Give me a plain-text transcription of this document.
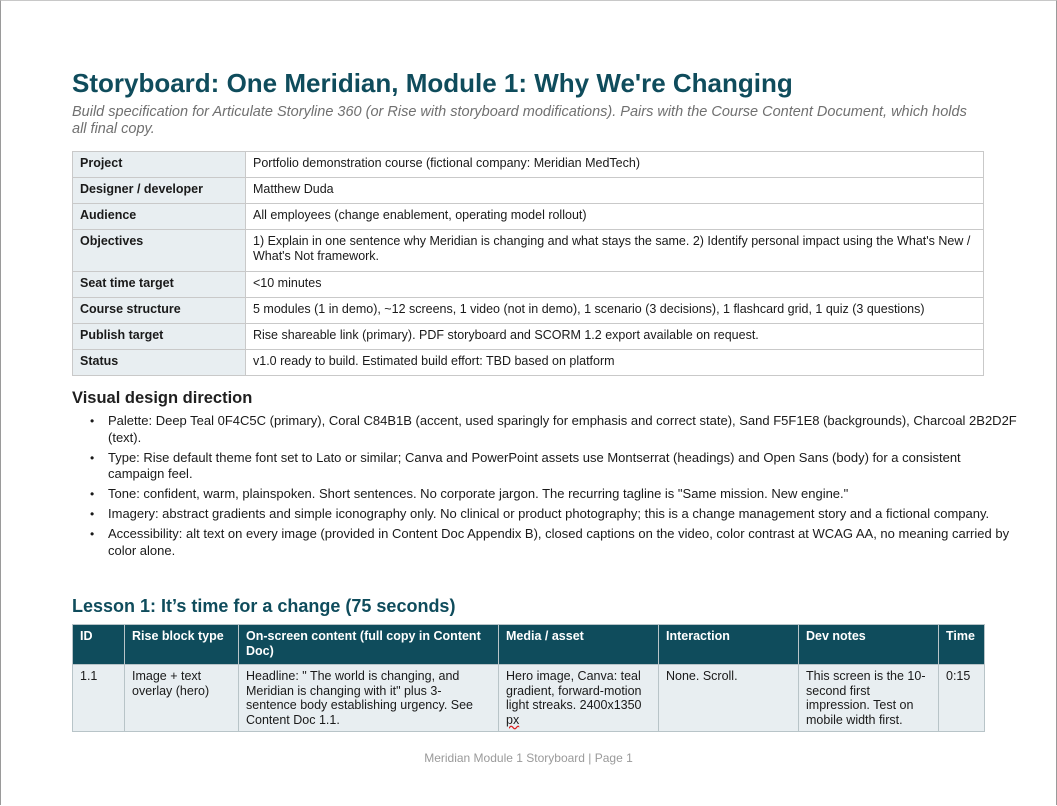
Storyboard: One Meridian, Module 1: Why We're Changing
Build specification for Articulate Storyline 360 (or Rise with storyboard modifications). Pairs with the Course Content Document, which holds all final copy.
Project	Portfolio demonstration course (fictional company: Meridian MedTech)
Designer / developer	Matthew Duda
Audience	All employees (change enablement, operating model rollout)
Objectives	1) Explain in one sentence why Meridian is changing and what stays the same. 2) Identify personal impact using the What's New / What's Not framework.
Seat time target	<10 minutes
Course structure	5 modules (1 in demo), ~12 screens, 1 video (not in demo), 1 scenario (3 decisions), 1 flashcard grid, 1 quiz (3 questions)
Publish target	Rise shareable link (primary). PDF storyboard and SCORM 1.2 export available on request.
Status	v1.0 ready to build. Estimated build effort: TBD based on platform
Visual design direction
• Palette: Deep Teal 0F4C5C (primary), Coral C84B1B (accent, used sparingly for emphasis and correct state), Sand F5F1E8 (backgrounds), Charcoal 2B2D2F (text).
• Type: Rise default theme font set to Lato or similar; Canva and PowerPoint assets use Montserrat (headings) and Open Sans (body) for a consistent campaign feel.
• Tone: confident, warm, plainspoken. Short sentences. No corporate jargon. The recurring tagline is "Same mission. New engine."
• Imagery: abstract gradients and simple iconography only. No clinical or product photography; this is a change management story and a fictional company.
• Accessibility: alt text on every image (provided in Content Doc Appendix B), closed captions on the video, color contrast at WCAG AA, no meaning carried by color alone.
Lesson 1: It’s time for a change (75 seconds)
ID	Rise block type	On-screen content (full copy in Content Doc)	Media / asset	Interaction	Dev notes	Time
1.1	Image + text overlay (hero)	Headline: " The world is changing, and Meridian is changing with it" plus 3-sentence body establishing urgency. See Content Doc 1.1.	Hero image, Canva: teal gradient, forward-motion light streaks. 2400x1350 px	None. Scroll.	This screen is the 10-second first impression. Test on mobile width first.	0:15
Meridian Module 1 Storyboard | Page 1
